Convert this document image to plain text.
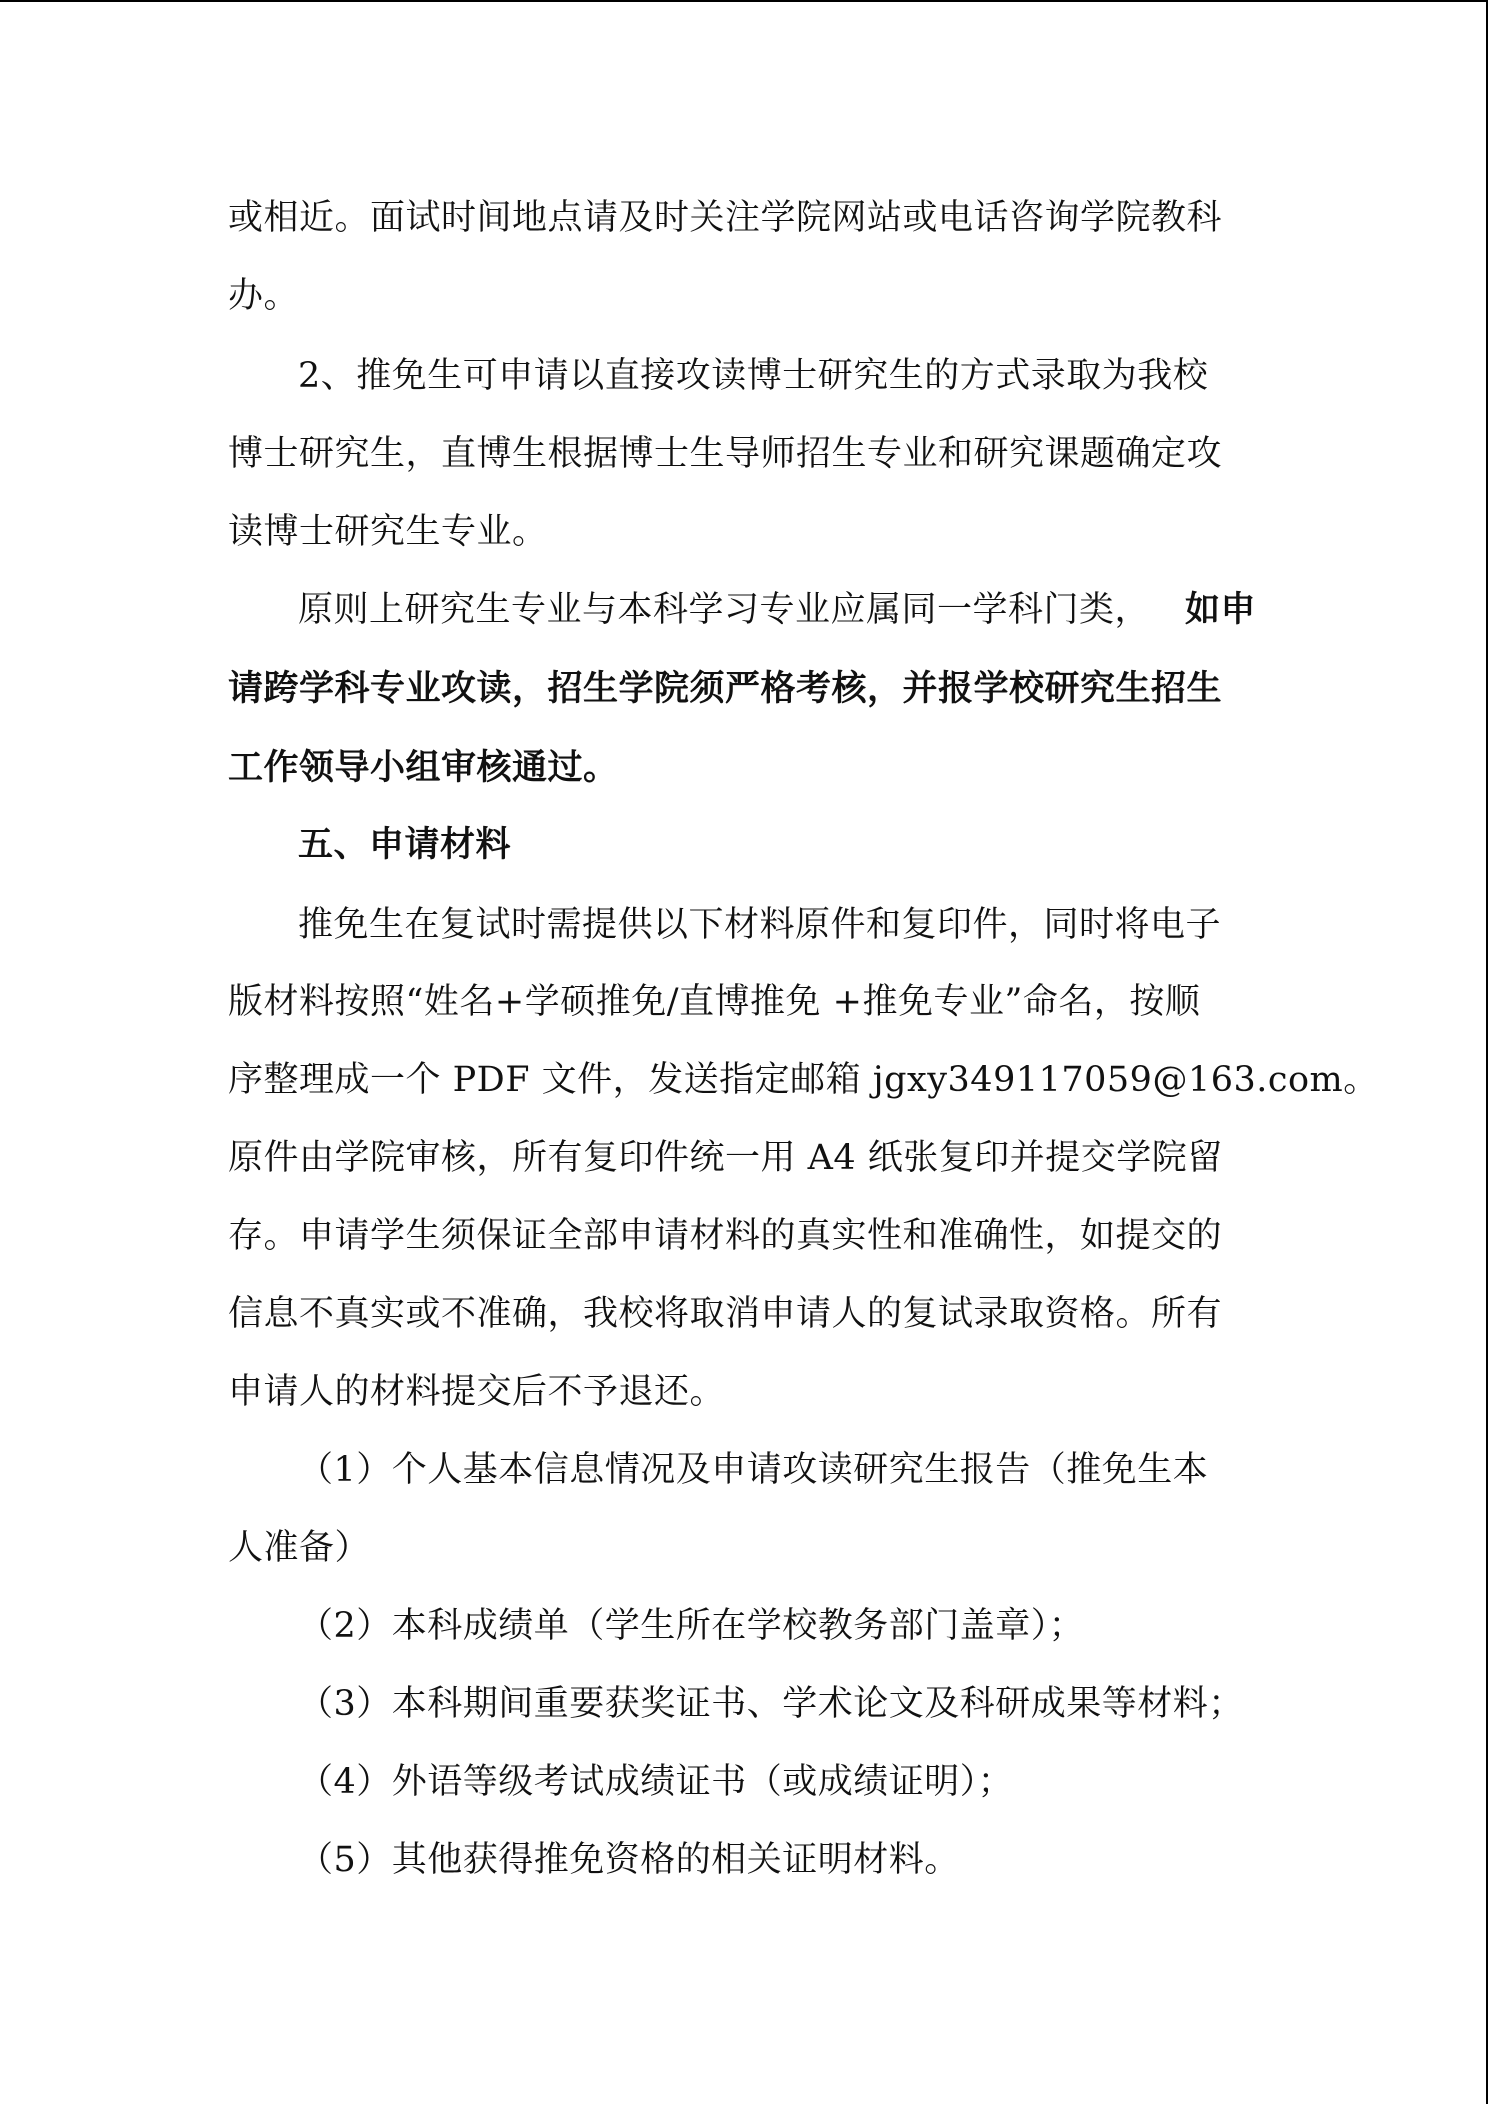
或相近。面试时间地点请及时关注学院网站或电话咨询学院教科
办。
2、推免生可申请以直接攻读博士研究生的方式录取为我校
博士研究生，直博生根据博士生导师招生专业和研究课题确定攻
读博士研究生专业。
原则上研究生专业与本科学习专业应属同一学科门类， 如申
请跨学科专业攻读，招生学院须严格考核，并报学校研究生招生
工作领导小组审核通过。
五、申请材料
推免生在复试时需提供以下材料原件和复印件，同时将电子
版材料按照“姓名+学硕推免/直博推免 +推免专业”命名，按顺
序整理成一个 PDF 文件，发送指定邮箱 jgxy349117059@163.com。
原件由学院审核，所有复印件统一用 A4 纸张复印并提交学院留
存。申请学生须保证全部申请材料的真实性和准确性，如提交的
信息不真实或不准确，我校将取消申请人的复试录取资格。所有
申请人的材料提交后不予退还。
（1）个人基本信息情况及申请攻读研究生报告（推免生本
人准备）
（2）本科成绩单（学生所在学校教务部门盖章）；
（3）本科期间重要获奖证书、学术论文及科研成果等材料；
（4）外语等级考试成绩证书（或成绩证明）；
（5）其他获得推免资格的相关证明材料。
